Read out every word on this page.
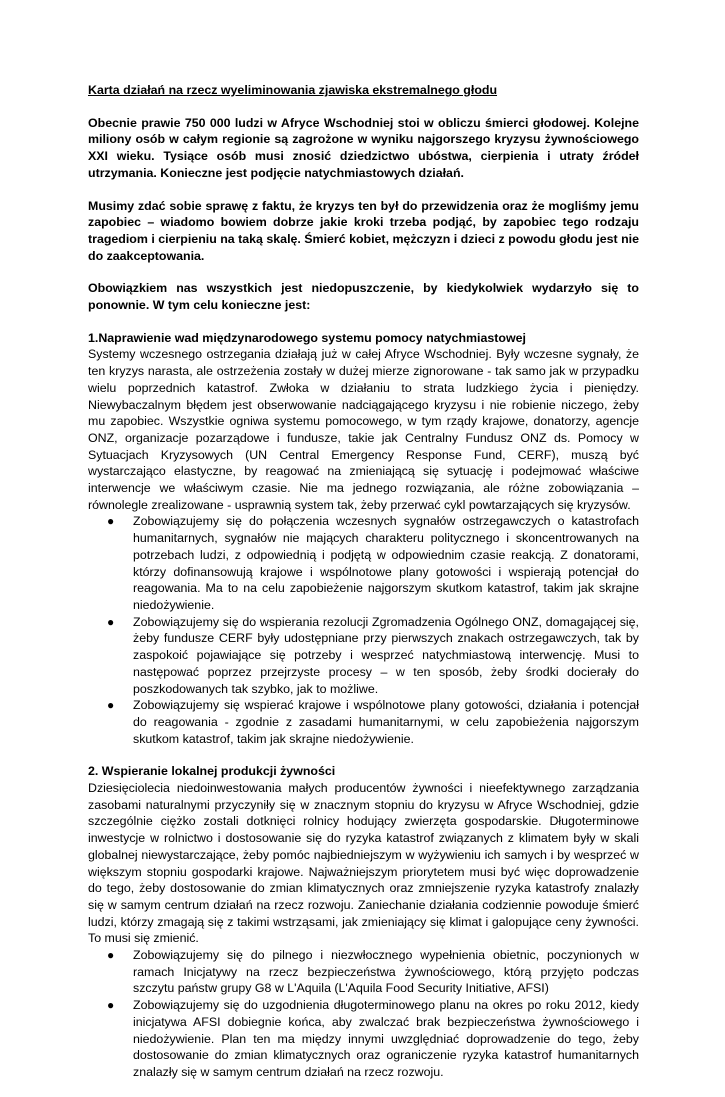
Karta działań na rzecz wyeliminowania zjawiska ekstremalnego głodu

Obecnie prawie 750 000 ludzi w Afryce Wschodniej stoi w obliczu śmierci głodowej. Kolejne miliony osób w całym regionie są zagrożone w wyniku najgorszego kryzysu żywnościowego XXI wieku. Tysiące osób musi znosić dziedzictwo ubóstwa, cierpienia i utraty źródeł utrzymania. Konieczne jest podjęcie natychmiastowych działań.

Musimy zdać sobie sprawę z faktu, że kryzys ten był do przewidzenia oraz że mogliśmy jemu zapobiec – wiadomo bowiem dobrze jakie kroki trzeba podjąć, by zapobiec tego rodzaju tragediom i cierpieniu na taką skalę. Śmierć kobiet, mężczyzn i dzieci z powodu głodu jest nie do zaakceptowania.

Obowiązkiem nas wszystkich jest niedopuszczenie, by kiedykolwiek wydarzyło się to ponownie. W tym celu konieczne jest:

1.Naprawienie wad międzynarodowego systemu pomocy natychmiastowej

Systemy wczesnego ostrzegania działają już w całej Afryce Wschodniej. Były wczesne sygnały, że ten kryzys narasta, ale ostrzeżenia zostały w dużej mierze zignorowane - tak samo jak w przypadku wielu poprzednich katastrof. Zwłoka w działaniu to strata ludzkiego życia i pieniędzy. Niewybaczalnym błędem jest obserwowanie nadciągającego kryzysu i nie robienie niczego, żeby mu zapobiec. Wszystkie ogniwa systemu pomocowego, w tym rządy krajowe, donatorzy, agencje ONZ, organizacje pozarządowe i fundusze, takie jak Centralny Fundusz ONZ ds. Pomocy w Sytuacjach Kryzysowych (UN Central Emergency Response Fund, CERF), muszą być wystarczająco elastyczne, by reagować na zmieniającą się sytuację i podejmować właściwe interwencje we właściwym czasie. Nie ma jednego rozwiązania, ale różne zobowiązania – równolegle zrealizowane - usprawnią system tak, żeby przerwać cykl powtarzających się kryzysów.

● Zobowiązujemy się do połączenia wczesnych sygnałów ostrzegawczych o katastrofach humanitarnych, sygnałów nie mających charakteru politycznego i skoncentrowanych na potrzebach ludzi, z odpowiednią i podjętą w odpowiednim czasie reakcją. Z donatorami, którzy dofinansowują krajowe i wspólnotowe plany gotowości i wspierają potencjał do reagowania. Ma to na celu zapobieżenie najgorszym skutkom katastrof, takim jak skrajne niedożywienie.
● Zobowiązujemy się do wspierania rezolucji Zgromadzenia Ogólnego ONZ, domagającej się, żeby fundusze CERF były udostępniane przy pierwszych znakach ostrzegawczych, tak by zaspokoić pojawiające się potrzeby i wesprzeć natychmiastową interwencję. Musi to następować poprzez przejrzyste procesy – w ten sposób, żeby środki docierały do poszkodowanych tak szybko, jak to możliwe.
● Zobowiązujemy się wspierać krajowe i wspólnotowe plany gotowości, działania i potencjał do reagowania - zgodnie z zasadami humanitarnymi, w celu zapobieżenia najgorszym skutkom katastrof, takim jak skrajne niedożywienie.

2. Wspieranie lokalnej produkcji żywności

Dziesięciolecia niedoinwestowania małych producentów żywności i nieefektywnego zarządzania zasobami naturalnymi przyczyniły się w znacznym stopniu do kryzysu w Afryce Wschodniej, gdzie szczególnie ciężko zostali dotknięci rolnicy hodujący zwierzęta gospodarskie. Długoterminowe inwestycje w rolnictwo i dostosowanie się do ryzyka katastrof związanych z klimatem były w skali globalnej niewystarczające, żeby pomóc najbiedniejszym w wyżywieniu ich samych i by wesprzeć w większym stopniu gospodarki krajowe. Najważniejszym priorytetem musi być więc doprowadzenie do tego, żeby dostosowanie do zmian klimatycznych oraz zmniejszenie ryzyka katastrofy znalazły się w samym centrum działań na rzecz rozwoju. Zaniechanie działania codziennie powoduje śmierć ludzi, którzy zmagają się z takimi wstrząsami, jak zmieniający się klimat i galopujące ceny żywności. To musi się zmienić.

● Zobowiązujemy się do pilnego i niezwłocznego wypełnienia obietnic, poczynionych w ramach Inicjatywy na rzecz bezpieczeństwa żywnościowego, którą przyjęto podczas szczytu państw grupy G8 w L'Aquila (L'Aquila Food Security Initiative, AFSI)
● Zobowiązujemy się do uzgodnienia długoterminowego planu na okres po roku 2012, kiedy inicjatywa AFSI dobiegnie końca, aby zwalczać brak bezpieczeństwa żywnościowego i niedożywienie. Plan ten ma między innymi uwzględniać doprowadzenie do tego, żeby dostosowanie do zmian klimatycznych oraz ograniczenie ryzyka katastrof humanitarnych znalazły się w samym centrum działań na rzecz rozwoju.
